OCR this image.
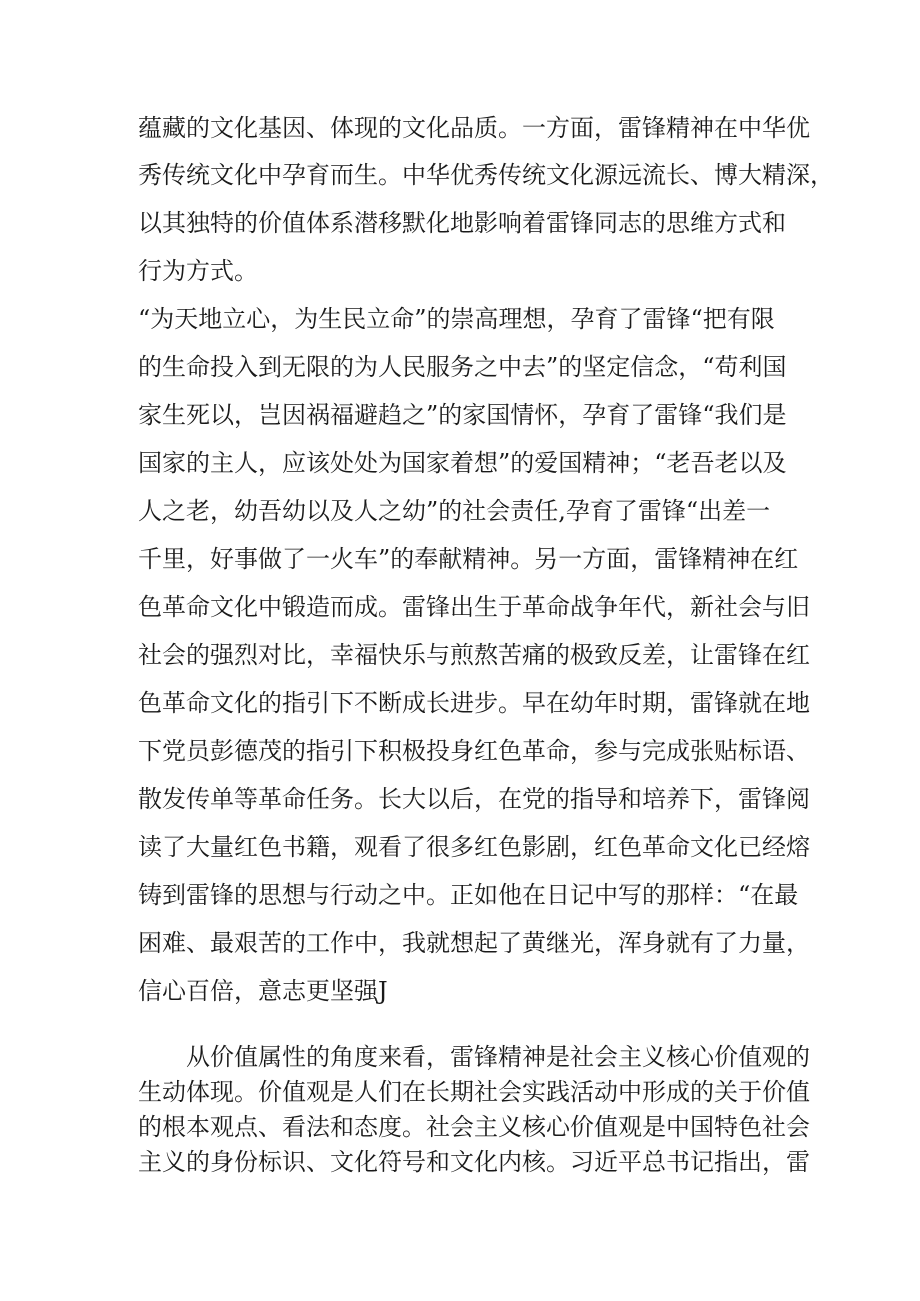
蕴藏的文化基因、体现的文化品质。一方面，雷锋精神在中华优
秀传统文化中孕育而生。中华优秀传统文化源远流长、博大精深，
以其独特的价值体系潜移默化地影响着雷锋同志的思维方式和
行为方式。
“为天地立心，为生民立命”的崇高理想，孕育了雷锋“把有限
的生命投入到无限的为人民服务之中去”的坚定信念，“苟利国
家生死以，岂因祸福避趋之”的家国情怀，孕育了雷锋“我们是
国家的主人，应该处处为国家着想”的爱国精神；“老吾老以及
人之老，幼吾幼以及人之幼”的社会责任,孕育了雷锋“出差一
千里，好事做了一火车”的奉献精神。另一方面，雷锋精神在红
色革命文化中锻造而成。雷锋出生于革命战争年代，新社会与旧
社会的强烈对比，幸福快乐与煎熬苦痛的极致反差，让雷锋在红
色革命文化的指引下不断成长进步。早在幼年时期，雷锋就在地
下党员彭德茂的指引下积极投身红色革命，参与完成张贴标语、
散发传单等革命任务。长大以后，在党的指导和培养下，雷锋阅
读了大量红色书籍，观看了很多红色影剧，红色革命文化已经熔
铸到雷锋的思想与行动之中。正如他在日记中写的那样：“在最
困难、最艰苦的工作中，我就想起了黄继光，浑身就有了力量，
信心百倍，意志更坚强J
从价值属性的角度来看，雷锋精神是社会主义核心价值观的
生动体现。价值观是人们在长期社会实践活动中形成的关于价值
的根本观点、看法和态度。社会主义核心价值观是中国特色社会
主义的身份标识、文化符号和文化内核。习近平总书记指出，雷
